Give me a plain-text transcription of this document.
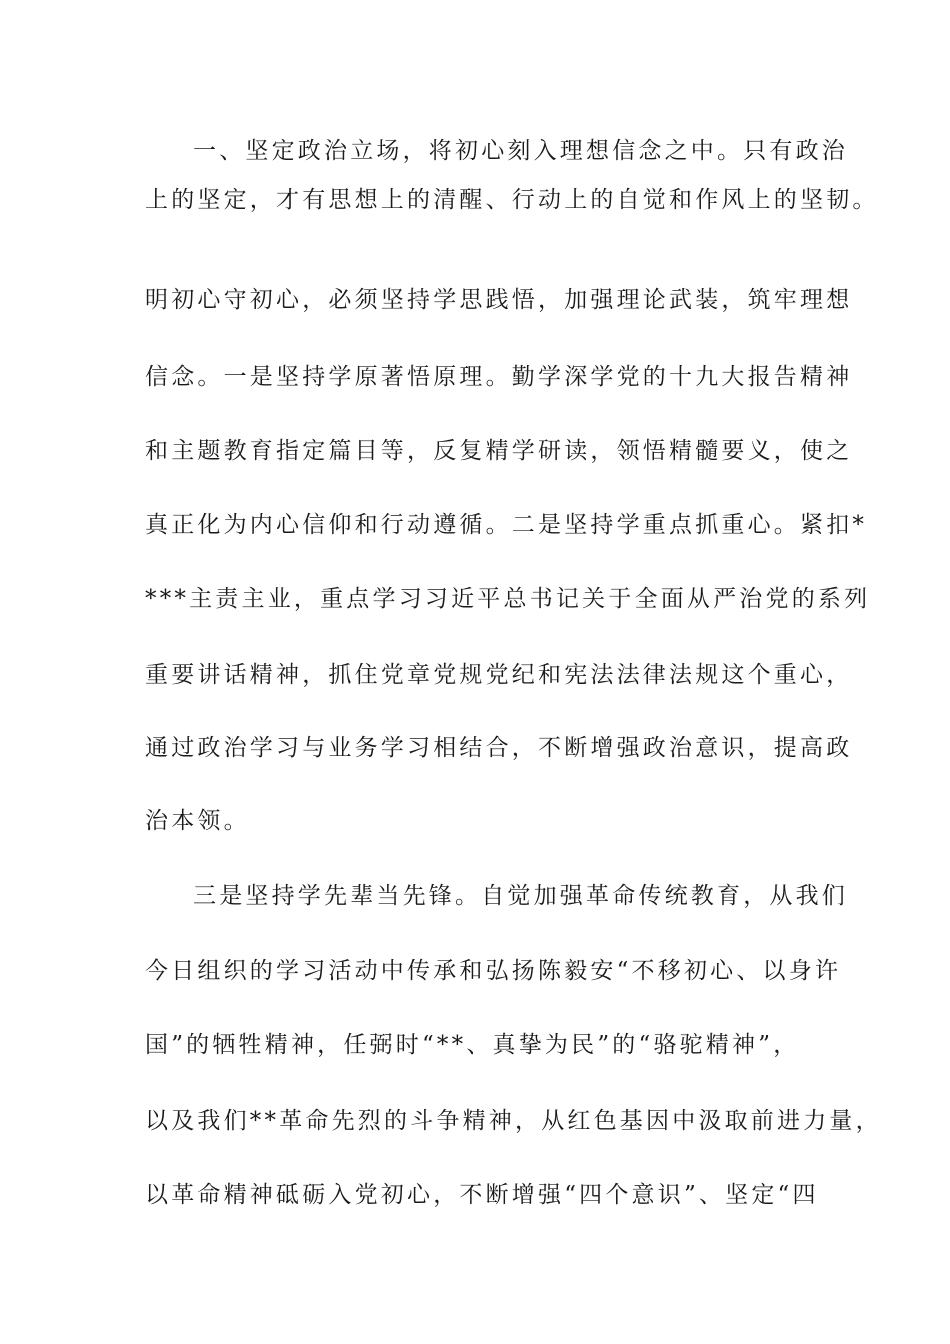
一、坚定政治立场，将初心刻入理想信念之中。只有政治
上的坚定，才有思想上的清醒、行动上的自觉和作风上的坚韧。
明初心守初心，必须坚持学思践悟，加强理论武装，筑牢理想
信念。一是坚持学原著悟原理。勤学深学党的十九大报告精神
和主题教育指定篇目等，反复精学研读，领悟精髓要义，使之
真正化为内心信仰和行动遵循。二是坚持学重点抓重心。紧扣*
***主责主业，重点学习习近平总书记关于全面从严治党的系列
重要讲话精神，抓住党章党规党纪和宪法法律法规这个重心，
通过政治学习与业务学习相结合，不断增强政治意识，提高政
治本领。
三是坚持学先辈当先锋。自觉加强革命传统教育，从我们
今日组织的学习活动中传承和弘扬陈毅安“不移初心、以身许
国”的牺牲精神，任弼时“**、真挚为民”的“骆驼精神”，
以及我们**革命先烈的斗争精神，从红色基因中汲取前进力量，
以革命精神砥砺入党初心，不断增强“四个意识”、坚定“四
